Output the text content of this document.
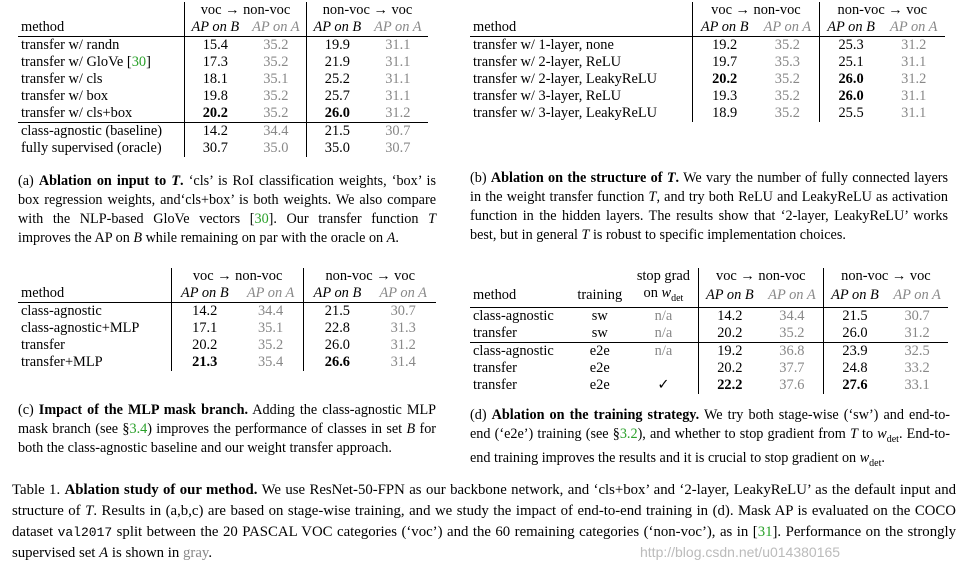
	voc → non-voc		non-voc → voc	
method	AP on B	AP on A	AP on B	AP on A
transfer w/ randn	15.4	35.2	19.9	31.1
transfer w/ GloVe [30]	17.3	35.2	21.9	31.1
transfer w/ cls	18.1	35.1	25.2	31.1
transfer w/ box	19.8	35.2	25.7	31.1
transfer w/ cls+box	20.2	35.2	26.0	31.2
class-agnostic (baseline)	14.2	34.4	21.5	30.7
fully supervised (oracle)	30.7	35.0	35.0	30.7
(a) Ablation on input to T. ‘cls’ is RoI classification weights, ‘box’ is box regression weights, and‘cls+box’ is both weights. We also compare with the NLP-based GloVe vectors [30]. Our transfer function T improves the AP on B while remaining on par with the oracle on A.
	voc → non-voc		non-voc → voc	
method	AP on B	AP on A	AP on B	AP on A
transfer w/ 1-layer, none	19.2	35.2	25.3	31.2
transfer w/ 2-layer, ReLU	19.7	35.3	25.1	31.1
transfer w/ 2-layer, LeakyReLU	20.2	35.2	26.0	31.2
transfer w/ 3-layer, ReLU	19.3	35.2	26.0	31.1
transfer w/ 3-layer, LeakyReLU	18.9	35.2	25.5	31.1
(b) Ablation on the structure of T. We vary the number of fully connected layers in the weight transfer function T, and try both ReLU and LeakyReLU as activation function in the hidden layers. The results show that ‘2-layer, LeakyReLU’ works best, but in general T is robust to specific implementation choices.
	voc → non-voc		non-voc → voc	
method	AP on B	AP on A	AP on B	AP on A
class-agnostic	14.2	34.4	21.5	30.7
class-agnostic+MLP	17.1	35.1	22.8	31.3
transfer	20.2	35.2	26.0	31.2
transfer+MLP	21.3	35.4	26.6	31.4
(c) Impact of the MLP mask branch. Adding the class-agnostic MLP mask branch (see §3.4) improves the performance of classes in set B for both the class-agnostic baseline and our weight transfer approach.
		stop grad	voc → non-voc		non-voc → voc	
method	training	on $w_{det}$	AP on B	AP on A	AP on B	AP on A
class-agnostic	sw	n/a	14.2	34.4	21.5	30.7
transfer	sw	n/a	20.2	35.2	26.0	31.2
class-agnostic	e2e	n/a	19.2	36.8	23.9	32.5
transfer	e2e		20.2	37.7	24.8	33.2
transfer	e2e	✓	22.2	37.6	27.6	33.1
(d) Ablation on the training strategy. We try both stage-wise (‘sw’) and end-to-end (‘e2e’) training (see §3.2), and whether to stop gradient from T to $w_{det}$. End-to-end training improves the results and it is crucial to stop gradient on $w_{det}$.
Table 1. Ablation study of our method. We use ResNet-50-FPN as our backbone network, and ‘cls+box’ and ‘2-layer, LeakyReLU’ as the default input and structure of T. Results in (a,b,c) are based on stage-wise training, and we study the impact of end-to-end training in (d). Mask AP is evaluated on the COCO dataset val2017 split between the 20 PASCAL VOC categories (‘voc’) and the 60 remaining categories (‘non-voc’), as in [31]. Performance on the strongly supervised set A is shown in gray.	http://blog.csdn.net/u014380165
